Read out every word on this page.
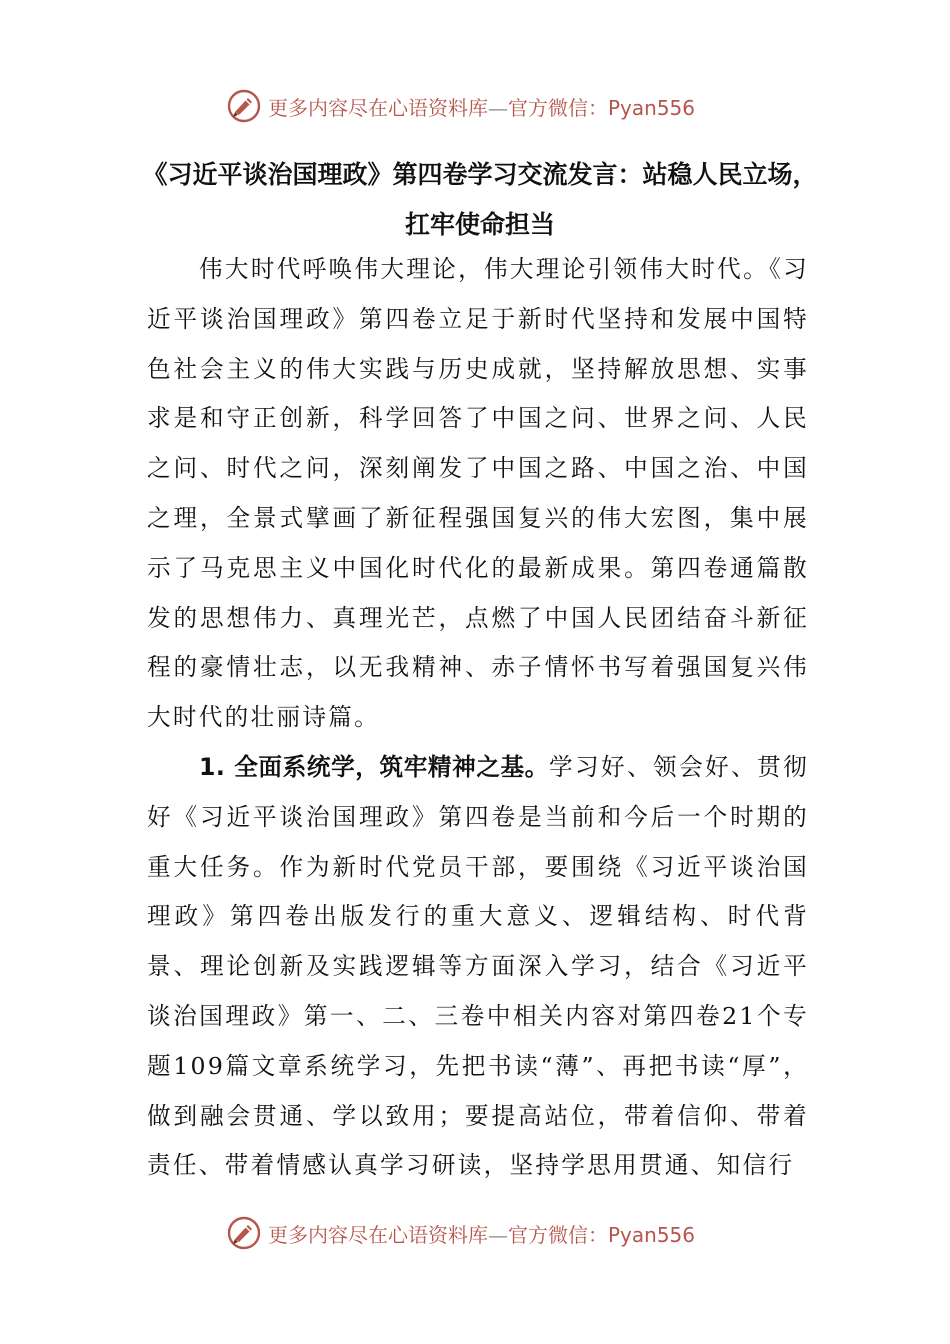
更多内容尽在心语资料库—官方微信：Pyan556
《习近平谈治国理政》第四卷学习交流发言：站稳人民立场，扛牢使命担当

伟大时代呼唤伟大理论，伟大理论引领伟大时代。《习近平谈治国理政》第四卷立足于新时代坚持和发展中国特色社会主义的伟大实践与历史成就，坚持解放思想、实事求是和守正创新，科学回答了中国之问、世界之问、人民之问、时代之问，深刻阐发了中国之路、中国之治、中国之理，全景式擘画了新征程强国复兴的伟大宏图，集中展示了马克思主义中国化时代化的最新成果。第四卷通篇散发的思想伟力、真理光芒，点燃了中国人民团结奋斗新征程的豪情壮志，以无我精神、赤子情怀书写着强国复兴伟大时代的壮丽诗篇。

1. 全面系统学，筑牢精神之基。学习好、领会好、贯彻好《习近平谈治国理政》第四卷是当前和今后一个时期的重大任务。作为新时代党员干部，要围绕《习近平谈治国理政》第四卷出版发行的重大意义、逻辑结构、时代背景、理论创新及实践逻辑等方面深入学习，结合《习近平谈治国理政》第一、二、三卷中相关内容对第四卷21个专题109篇文章系统学习，先把书读“薄”、再把书读“厚”，做到融会贯通、学以致用；要提高站位，带着信仰、带着责任、带着情感认真学习研读，坚持学思用贯通、知信行

更多内容尽在心语资料库—官方微信：Pyan556
